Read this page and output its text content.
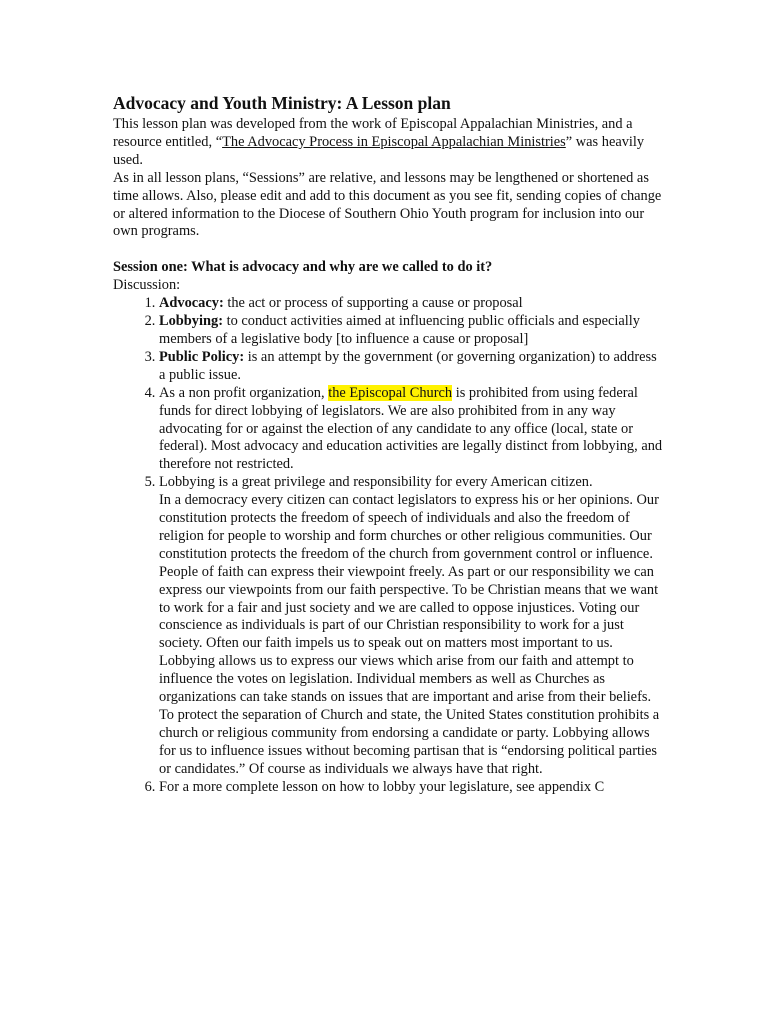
Advocacy and Youth Ministry: A Lesson plan

This lesson plan was developed from the work of Episcopal Appalachian Ministries, and a resource entitled, “The Advocacy Process in Episcopal Appalachian Ministries” was heavily used.

As in all lesson plans, “Sessions” are relative, and lessons may be lengthened or shortened as time allows. Also, please edit and add to this document as you see fit, sending copies of change or altered information to the Diocese of Southern Ohio Youth program for inclusion into our own programs.

Session one: What is advocacy and why are we called to do it?

Discussion:

1. Advocacy: the act or process of supporting a cause or proposal
2. Lobbying: to conduct activities aimed at influencing public officials and especially members of a legislative body [to influence a cause or proposal]
3. Public Policy: is an attempt by the government (or governing organization) to address a public issue.
4. As a non profit organization, the Episcopal Church is prohibited from using federal funds for direct lobbying of legislators. We are also prohibited from in any way advocating for or against the election of any candidate to any office (local, state or federal). Most advocacy and education activities are legally distinct from lobbying, and therefore not restricted.

5. Lobbying is a great privilege and responsibility for every American citizen.

In a democracy every citizen can contact legislators to express his or her opinions. Our constitution protects the freedom of speech of individuals and also the freedom of religion for people to worship and form churches or other religious communities. Our constitution protects the freedom of the church from government control or influence. People of faith can express their viewpoint freely. As part or our responsibility we can express our viewpoints from our faith perspective. To be Christian means that we want to work for a fair and just society and we are called to oppose injustices. Voting our conscience as individuals is part of our Christian responsibility to work for a just society. Often our faith impels us to speak out on matters most important to us. Lobbying allows us to express our views which arise from our faith and attempt to influence the votes on legislation. Individual members as well as Churches as organizations can take stands on issues that are important and arise from their beliefs.

To protect the separation of Church and state, the United States constitution prohibits a church or religious community from endorsing a candidate or party. Lobbying allows for us to influence issues without becoming partisan that is “endorsing political parties or candidates.” Of course as individuals we always have that right.

6. For a more complete lesson on how to lobby your legislature, see appendix C
